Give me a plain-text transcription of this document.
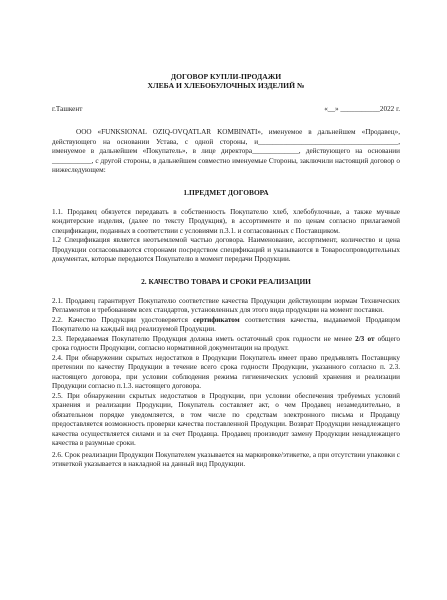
ДОГОВОР КУПЛИ-ПРОДАЖИ
ХЛЕБА И ХЛЕБОБУЛОЧНЫХ ИЗДЕЛИЙ №
г.Ташкент	«__» ___________2022 г.

ООО «FUNKSIONAL OZIQ-OVQATLAR KOMBINATI», именуемое в дальнейшем «Продавец», действующего на основании Устава, с одной стороны, и_______________________________________, именуемое в дальнейшем «Покупатель», в лице директора_____________, действующего на основании ___________, с другой стороны, в дальнейшем совместно именуемые Стороны, заключили настоящий договор о нижеследующем:

1.ПРЕДМЕТ ДОГОВОРА

1.1. Продавец обязуется передавать в собственность Покупателю хлеб, хлебобулочные, а также мучные кондитерские изделия, (далее по тексту Продукция), в ассортименте и по ценам согласно прилагаемой спецификации, поданных в соответствии с условиями п.3.1. и согласованных с Поставщиком.

1.2 Спецификация является неотъемлемой частью договора. Наименование, ассортимент, количество и цена Продукции согласовываются сторонами посредством спецификаций и указываются в Товаросопроводительных документах, которые передаются Покупателю в момент передачи Продукции.

2. КАЧЕСТВО ТОВАРА И СРОКИ РЕАЛИЗАЦИИ

2.1. Продавец гарантирует Покупателю соответствие качества Продукции действующим нормам Технических Регламентов и требованиям всех стандартов, установленных для этого вида продукции на момент поставки.

2.2. Качество Продукции удостоверяется сертификатом соответствия качества, выдаваемой Продавцом Покупателю на каждый вид реализуемой Продукции.

2.3. Передаваемая Покупателю Продукция должна иметь остаточный срок годности не менее 2/3 от общего срока годности Продукции, согласно нормативной документации на продукт.

2.4. При обнаружении скрытых недостатков в Продукции Покупатель имеет право предъявлять Поставщику претензии по качеству Продукции в течение всего срока годности Продукции, указанного согласно п. 2.3. настоящего договора, при условии соблюдения режима гигиенических условий хранения и реализации Продукции согласно п.1.3. настоящего договора.

2.5. При обнаружении скрытых недостатков в Продукции, при условии обеспечения требуемых условий хранения и реализации Продукции, Покупатель составляет акт, о чем Продавец незамедлительно, в обязательном порядке уведомляется, в том числе по средствам электронного письма и Продавцу предоставляется возможность проверки качества поставленной Продукции. Возврат Продукции ненадлежащего качества осуществляется силами и за счет Продавца. Продавец производит замену Продукции ненадлежащего качества в разумные сроки.

2.6. Срок реализации Продукции Покупателем указывается на маркировке/этикетке, а при отсутствии упаковки с этикеткой указывается в накладной на данный вид Продукции.
